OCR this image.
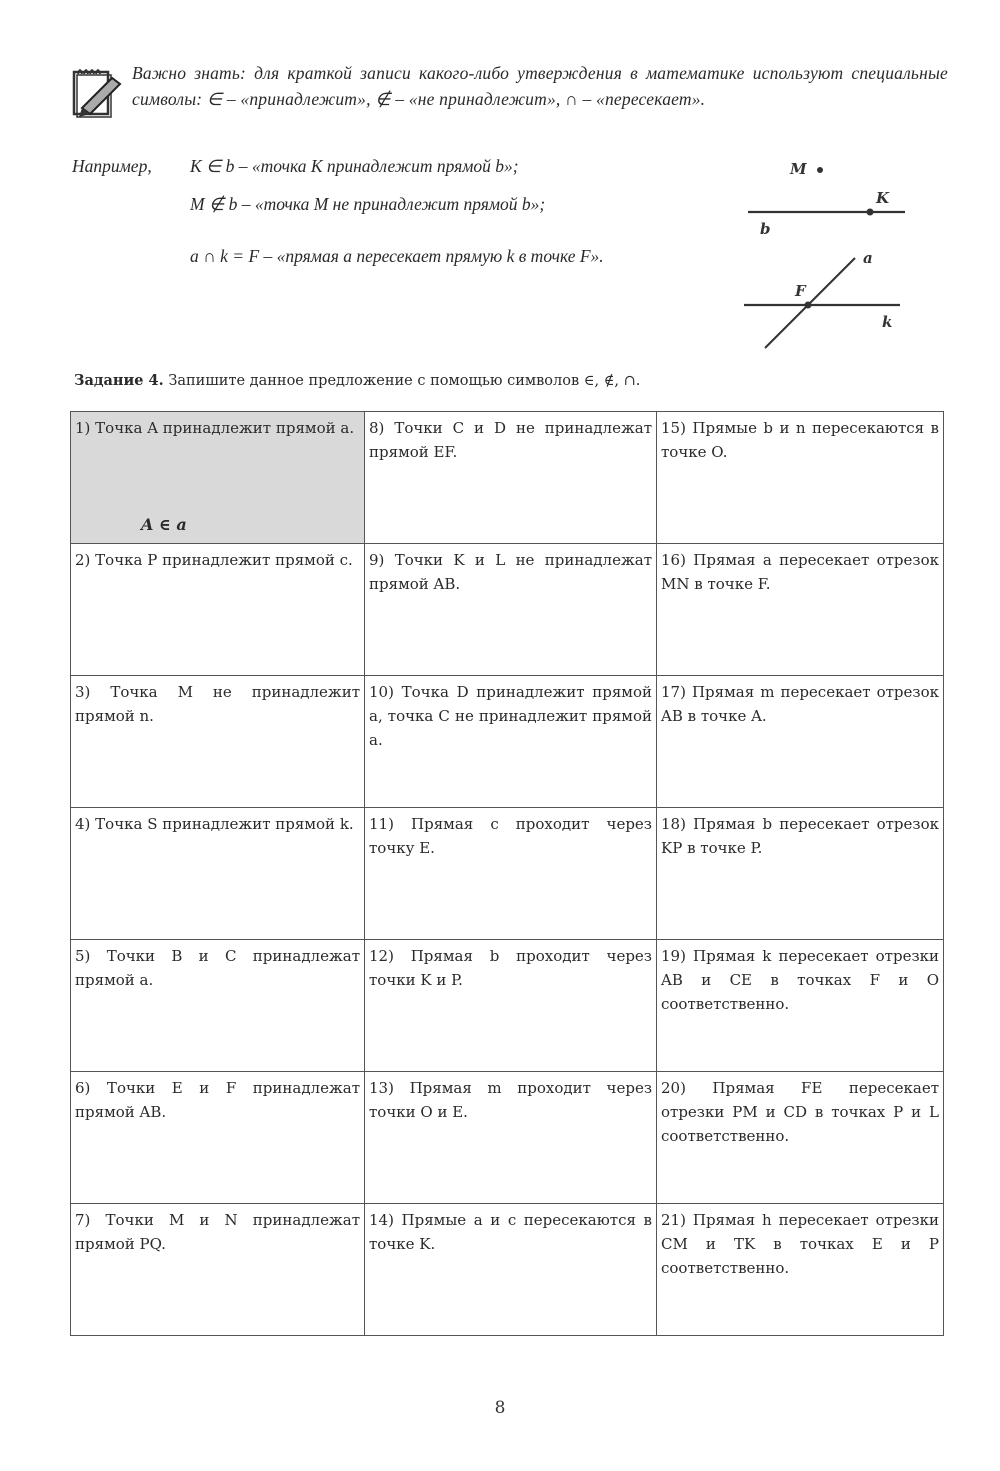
Важно знать: для краткой записи какого-либо утверждения в математике используют специальные символы: ∈ – «принадлежит», ∉ – «не принадлежит», ∩ – «пересекает».
Например, K ∈ b – «точка K принадлежит прямой b»;
M ∉ b – «точка M не принадлежит прямой b»;
a ∩ k = F – «прямая a пересекает прямую k в точке F».
M
K
b
a
F
k
Задание 4. Запишите данное предложение с помощью символов ∈, ∉, ∩.
1) Точка A принадлежит прямой a.
A ∈ a	8) Точки C и D не принадлежат прямой EF.	15) Прямые b и n пересекаются в точке O.
2) Точка P принадлежит прямой c.	9) Точки K и L не принадлежат прямой AB.	16) Прямая a пересекает отрезок MN в точке F.
3) Точка M не принадлежит прямой n.	10) Точка D принадлежит прямой a, точка C не принадлежит прямой a.	17) Прямая m пересекает отрезок AB в точке A.
4) Точка S принадлежит прямой k.	11) Прямая c проходит через точку E.	18) Прямая b пересекает отрезок KP в точке P.
5) Точки B и C принадлежат прямой a.	12) Прямая b проходит через точки K и P.	19) Прямая k пересекает отрезки AB и CE в точках F и O соответственно.
6) Точки E и F принадлежат прямой AB.	13) Прямая m проходит через точки O и E.	20) Прямая FE пересекает отрезки PM и CD в точках P и L соответственно.
7) Точки M и N принадлежат прямой PQ.	14) Прямые a и c пересекаются в точке K.	21) Прямая h пересекает отрезки CM и TK в точках E и P соответственно.
8
